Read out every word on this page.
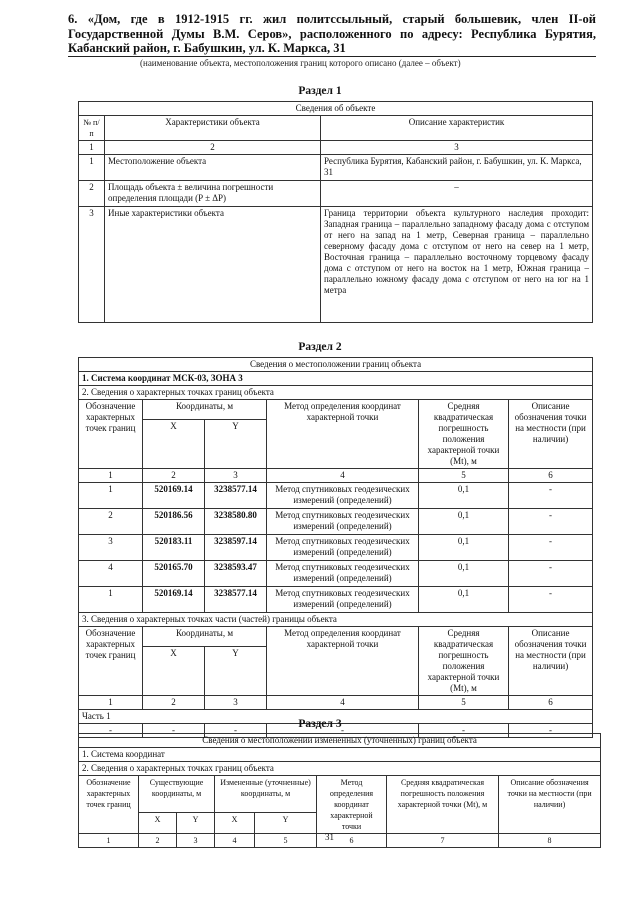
6. «Дом, где в 1912-1915 гг. жил политссыльный, старый большевик, член II-ой Государственной Думы В.М. Серов», расположенного по адресу: Республика Бурятия, Кабанский район, г. Бабушкин, ул. К. Маркса, 31
(наименование объекта, местоположения границ которого описано (далее – объект)
Раздел 1
Сведения об объекте		
№ п/п	Характеристики объекта	Описание характеристик
1	2	3
1	Местоположение объекта	Республика Бурятия, Кабанский район, г. Бабушкин, ул. К. Маркса, 31
2	Площадь объекта ± величина погрешности определения площади (P ± ΔP)	–
3	Иные характеристики объекта	Граница территории объекта культурного наследия проходит: Западная граница – параллельно западному фасаду дома с отступом от него на запад на 1 метр, Северная граница – параллельно северному фасаду дома с отступом от него на север на 1 метр, Восточная граница – параллельно восточному торцевому фасаду дома с отступом от него на восток на 1 метр, Южная граница – параллельно южному фасаду дома с отступом от него на юг на 1 метра
Раздел 2
Сведения о местоположении границ объекта					
1. Система координат МСК-03, ЗОНА 3					
2. Сведения о характерных точках границ объекта					
Обозначение характерных точек границ	Координаты, м		Метод определения координат характерной точки	Средняя квадратическая погрешность положения характерной точки (Mt), м	Описание обозначения точки на местности (при наличии)
	X	Y			
1	2	3	4	5	6
1	520169.14	3238577.14	Метод спутниковых геодезических измерений (определений)	0,1	-
2	520186.56	3238580.80	Метод спутниковых геодезических измерений (определений)	0,1	-
3	520183.11	3238597.14	Метод спутниковых геодезических измерений (определений)	0,1	-
4	520165.70	3238593.47	Метод спутниковых геодезических измерений (определений)	0,1	-
1	520169.14	3238577.14	Метод спутниковых геодезических измерений (определений)	0,1	-
3. Сведения о характерных точках части (частей) границы объекта					
Обозначение характерных точек границ	Координаты, м		Метод определения координат характерной точки	Средняя квадратическая погрешность положения характерной точки (Mt), м	Описание обозначения точки на местности (при наличии)
	X	Y			
1	2	3	4	5	6
Часть 1					
-	-	-	-	-	-
Раздел 3
Сведения о местоположении измененных (уточненных) границ объекта							
1. Система координат							
2. Сведения о характерных точках границ объекта							
Обозначение характерных точек границ	Существующие координаты, м		Измененные (уточненные) координаты, м		Метод определения координат характерной точки	Средняя квадратическая погрешность положения характерной точки (Mt), м	Описание обозначения точки на местности (при наличии)
	X	Y	X	Y			
1	2	3	4	5	6	7	8
31
